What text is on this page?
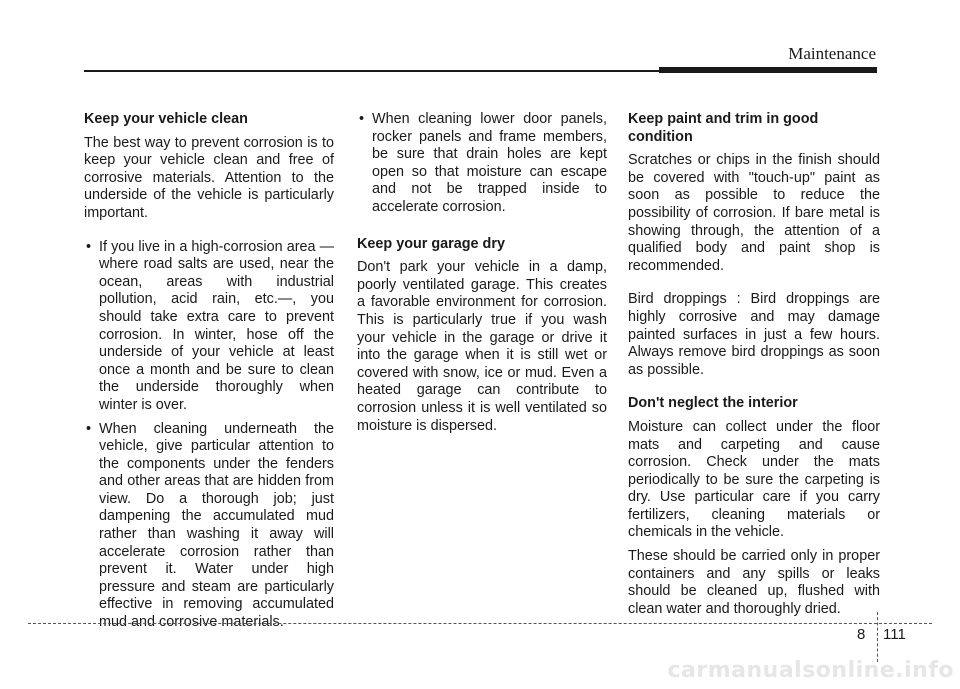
Maintenance
Keep your vehicle clean

The best way to prevent corrosion is to keep your vehicle clean and free of corrosive materials. Attention to the underside of the vehicle is particularly important.

• If you live in a high-corrosion area — where road salts are used, near the ocean, areas with industrial pollution, acid rain, etc.—, you should take extra care to prevent corrosion. In winter, hose off the underside of your vehicle at least once a month and be sure to clean the underside thoroughly when winter is over.
• When cleaning underneath the vehicle, give particular attention to the components under the fenders and other areas that are hidden from view. Do a thorough job; just dampening the accumulated mud rather than washing it away will accelerate corrosion rather than prevent it. Water under high pressure and steam are particularly effective in removing accumulated mud and corrosive materials.
• When cleaning lower door panels, rocker panels and frame members, be sure that drain holes are kept open so that moisture can escape and not be trapped inside to accelerate corrosion.
Keep your garage dry

Don't park your vehicle in a damp, poorly ventilated garage. This creates a favorable environment for corrosion. This is particularly true if you wash your vehicle in the garage or drive it into the garage when it is still wet or covered with snow, ice or mud. Even a heated garage can contribute to corrosion unless it is well ventilated so moisture is dispersed.

Keep paint and trim in good condition

Scratches or chips in the finish should be covered with "touch-up" paint as soon as possible to reduce the possibility of corrosion. If bare metal is showing through, the attention of a qualified body and paint shop is recommended.

Bird droppings : Bird droppings are highly corrosive and may damage painted surfaces in just a few hours. Always remove bird droppings as soon as possible.

Don't neglect the interior

Moisture can collect under the floor mats and carpeting and cause corrosion. Check under the mats periodically to be sure the carpeting is dry. Use particular care if you carry fertilizers, cleaning materials or chemicals in the vehicle.

These should be carried only in proper containers and any spills or leaks should be cleaned up, flushed with clean water and thoroughly dried.

8 111
carmanualsonline.info
